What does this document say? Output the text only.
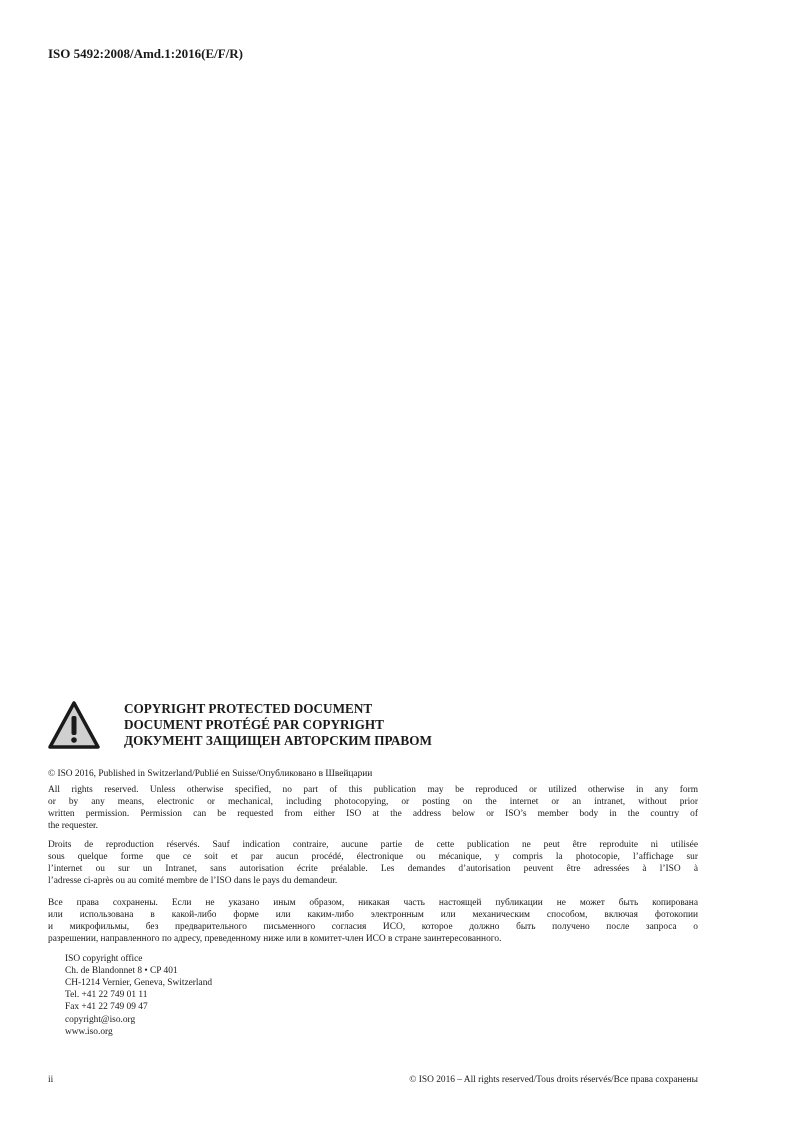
ISO 5492:2008/Amd.1:2016(E/F/R)
COPYRIGHT PROTECTED DOCUMENT
DOCUMENT PROTÉGÉ PAR COPYRIGHT
ДОКУМЕНТ ЗАЩИЩЕН АВТОРСКИМ ПРАВОМ
© ISO 2016, Published in Switzerland/Publié en Suisse/Опубликовано в Швейцарии
All rights reserved. Unless otherwise specified, no part of this publication may be reproduced or utilized otherwise in any form
or by any means, electronic or mechanical, including photocopying, or posting on the internet or an intranet, without prior
written permission. Permission can be requested from either ISO at the address below or ISO’s member body in the country of
the requester.
Droits de reproduction réservés. Sauf indication contraire, aucune partie de cette publication ne peut être reproduite ni utilisée
sous quelque forme que ce soit et par aucun procédé, électronique ou mécanique, y compris la photocopie, l’affichage sur
l’internet ou sur un Intranet, sans autorisation écrite préalable. Les demandes d’autorisation peuvent être adressées à l’ISO à
l’adresse ci-après ou au comité membre de l’ISO dans le pays du demandeur.
Все права сохранены. Если не указано иным образом, никакая часть настоящей публикации не может быть копирована
или использована в какой-либо форме или каким-либо электронным или механическим способом, включая фотокопии
и микрофильмы, без предварительного письменного согласия ИСО, которое должно быть получено после запроса о
разрешении, направленного по адресу, преведенному ниже или в комитет-член ИСО в стране заинтересованного.
ISO copyright office
Ch. de Blandonnet 8 • CP 401
CH-1214 Vernier, Geneva, Switzerland
Tel. +41 22 749 01 11
Fax +41 22 749 09 47
copyright@iso.org
www.iso.org
ii	© ISO 2016 – All rights reserved/Tous droits réservés/Все права сохранены
